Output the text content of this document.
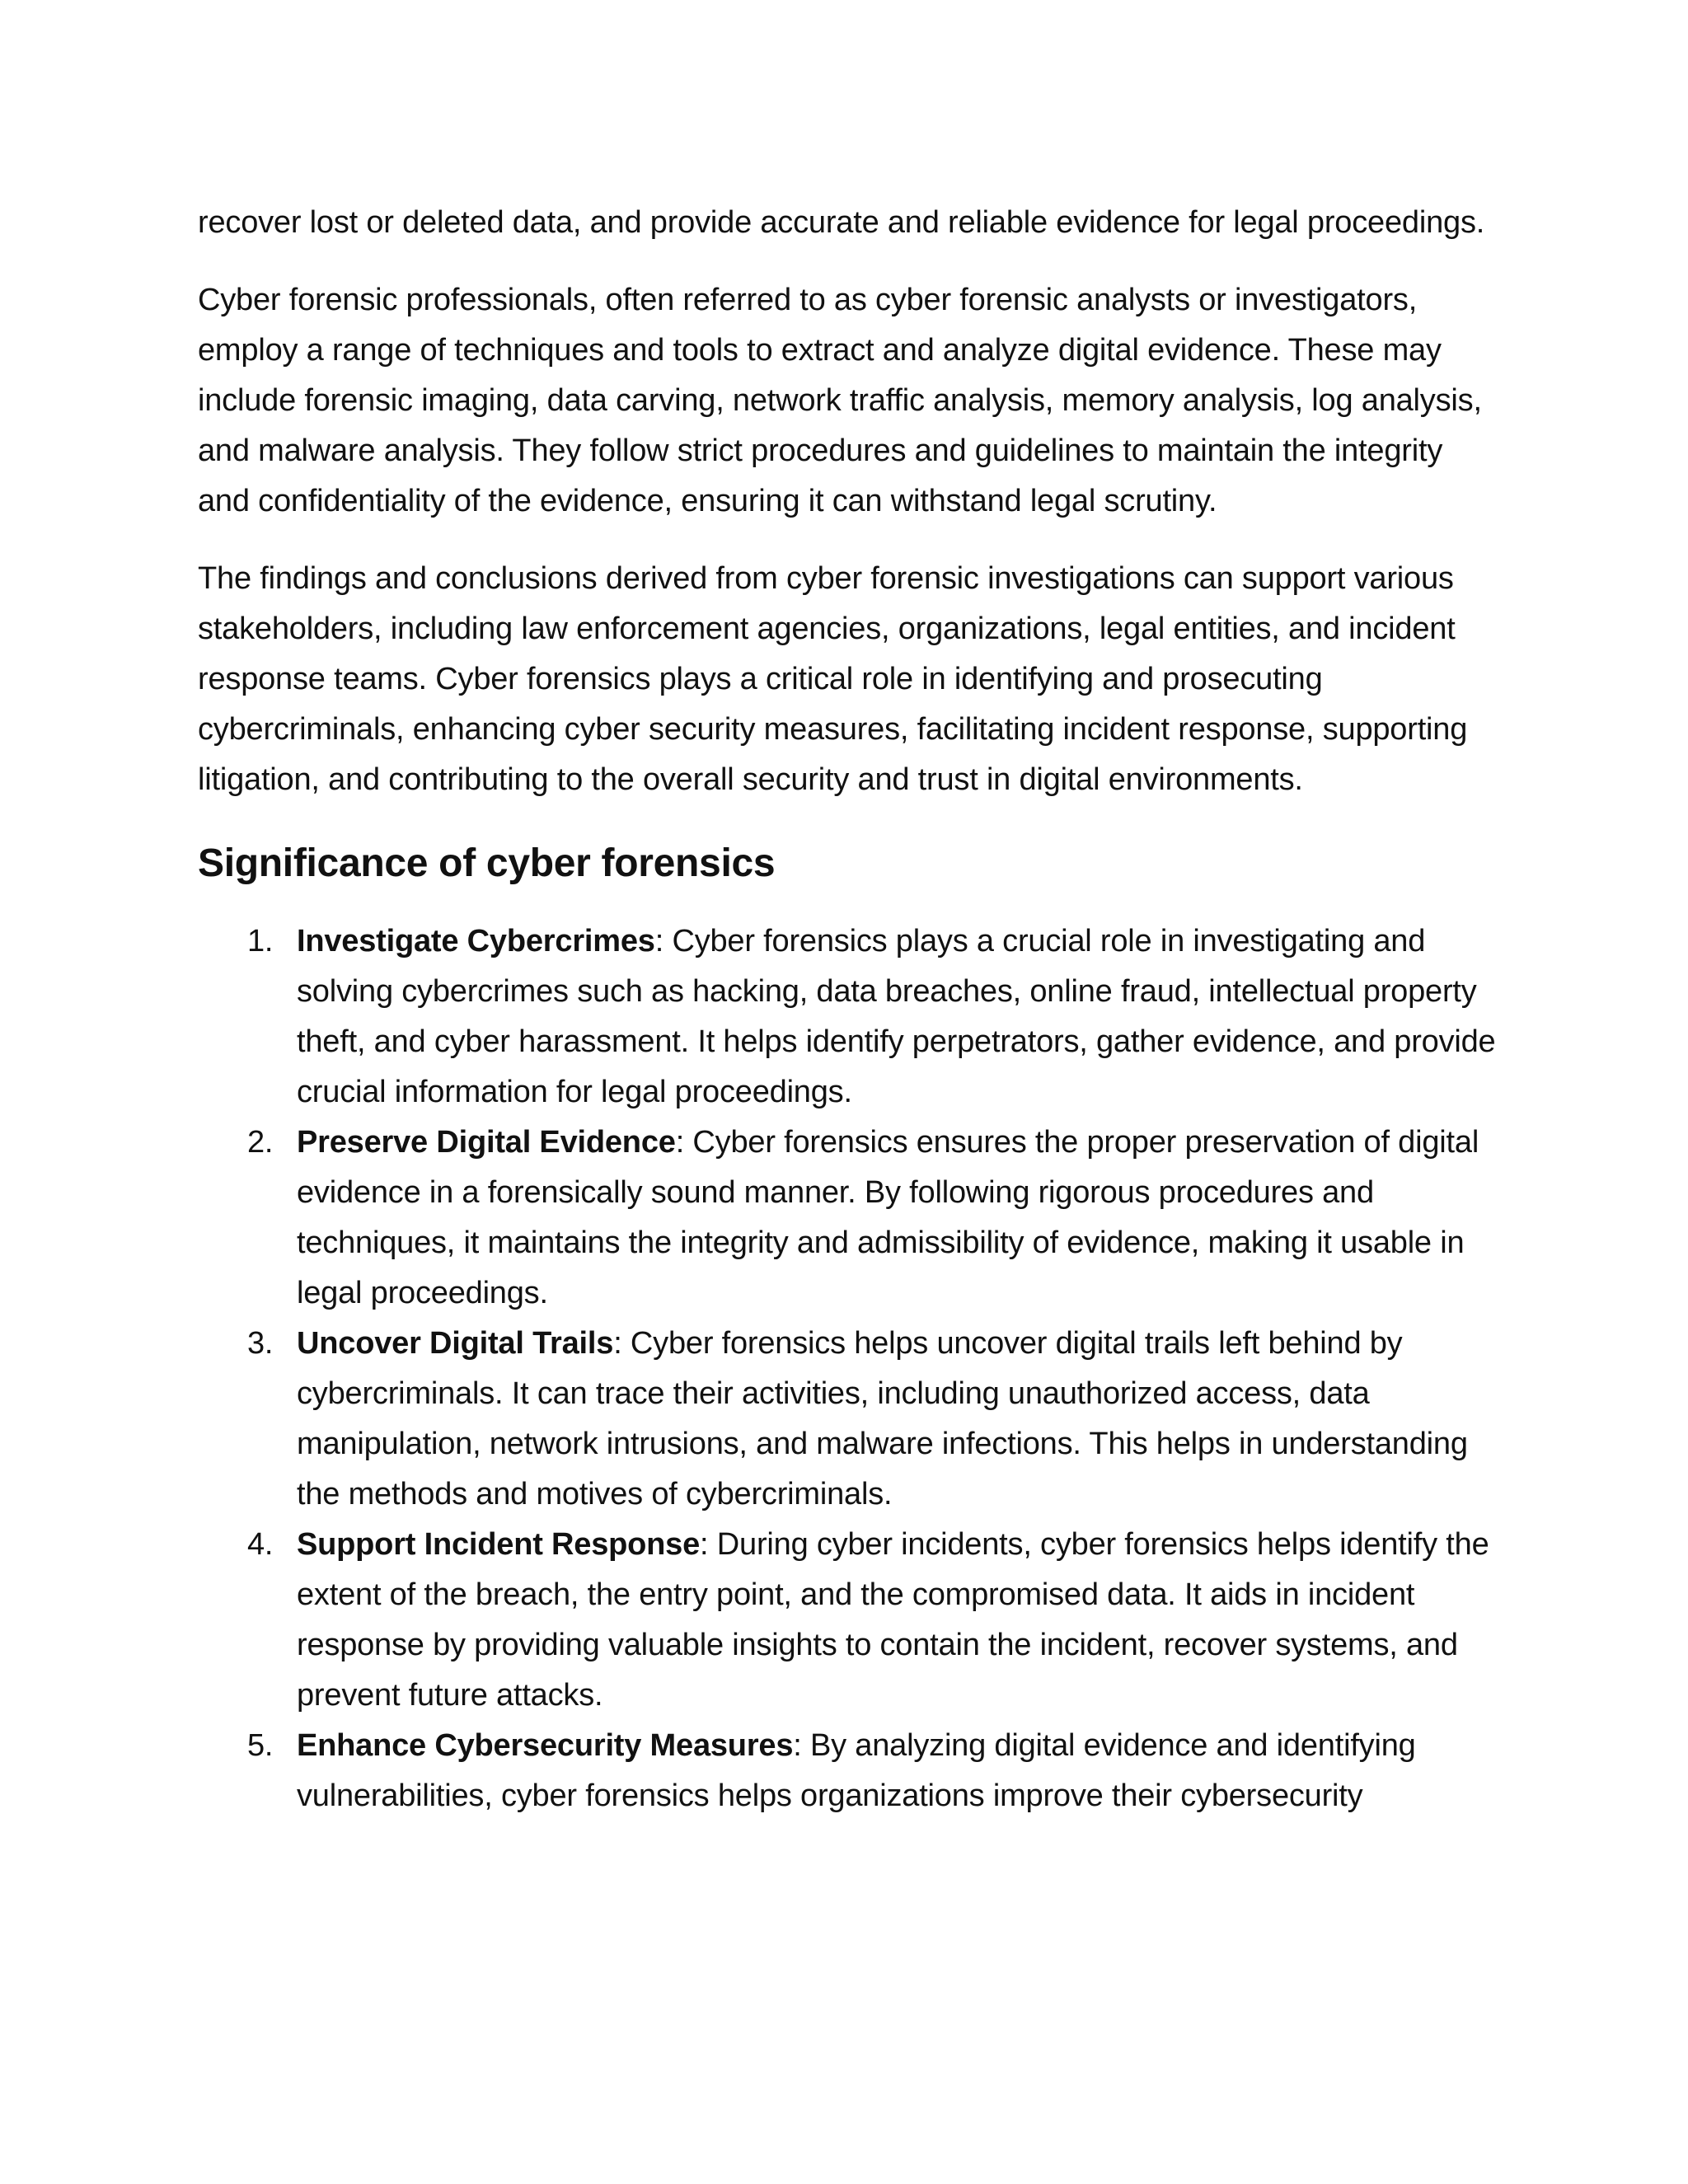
recover lost or deleted data, and provide accurate and reliable evidence for legal proceedings.

Cyber forensic professionals, often referred to as cyber forensic analysts or investigators, employ a range of techniques and tools to extract and analyze digital evidence. These may include forensic imaging, data carving, network traffic analysis, memory analysis, log analysis, and malware analysis. They follow strict procedures and guidelines to maintain the integrity and confidentiality of the evidence, ensuring it can withstand legal scrutiny.

The findings and conclusions derived from cyber forensic investigations can support various stakeholders, including law enforcement agencies, organizations, legal entities, and incident response teams. Cyber forensics plays a critical role in identifying and prosecuting cybercriminals, enhancing cyber security measures, facilitating incident response, supporting litigation, and contributing to the overall security and trust in digital environments.

Significance of cyber forensics
1. Investigate Cybercrimes: Cyber forensics plays a crucial role in investigating and solving cybercrimes such as hacking, data breaches, online fraud, intellectual property theft, and cyber harassment. It helps identify perpetrators, gather evidence, and provide crucial information for legal proceedings.
2. Preserve Digital Evidence: Cyber forensics ensures the proper preservation of digital evidence in a forensically sound manner. By following rigorous procedures and techniques, it maintains the integrity and admissibility of evidence, making it usable in legal proceedings.
3. Uncover Digital Trails: Cyber forensics helps uncover digital trails left behind by cybercriminals. It can trace their activities, including unauthorized access, data manipulation, network intrusions, and malware infections. This helps in understanding the methods and motives of cybercriminals.
4. Support Incident Response: During cyber incidents, cyber forensics helps identify the extent of the breach, the entry point, and the compromised data. It aids in incident response by providing valuable insights to contain the incident, recover systems, and prevent future attacks.
5. Enhance Cybersecurity Measures: By analyzing digital evidence and identifying vulnerabilities, cyber forensics helps organizations improve their cybersecurity
